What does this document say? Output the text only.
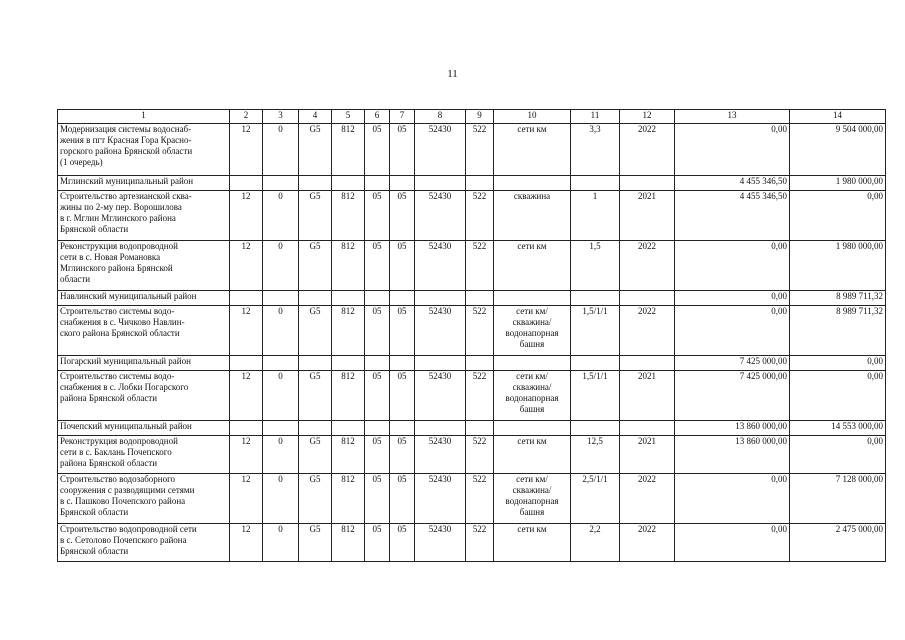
11
1	2	3	4	5	6	7	8	9	10	11	12	13	14
Модернизация системы водоснаб-
жения в пгт Красная Гора Красно-
горского района Брянской области
(1 очередь)	12	0	G5	812	05	05	52430	522	сети км	3,3	2022	0,00	9 504 000,00
Мглинский муниципальный район												4 455 346,50	1 980 000,00
Строительство артезианской сква-
жины по 2-му пер. Ворошилова
в г. Мглин Мглинского района
Брянской области	12	0	G5	812	05	05	52430	522	скважина	1	2021	4 455 346,50	0,00
Реконструкция водопроводной
сети в с. Новая Романовка
Мглинского района Брянской
области	12	0	G5	812	05	05	52430	522	сети км	1,5	2022	0,00	1 980 000,00
Навлинский муниципальный район												0,00	8 989 711,32
Строительство системы водо-
снабжения в с. Чичково Навлин-
ского района Брянской области	12	0	G5	812	05	05	52430	522	сети км/
скважина/
водонапорная
башня	1,5/1/1	2022	0,00	8 989 711,32
Погарский муниципальный район												7 425 000,00	0,00
Строительство системы водо-
снабжения в с. Лобки Погарского
района Брянской области	12	0	G5	812	05	05	52430	522	сети км/
скважина/
водонапорная
башня	1,5/1/1	2021	7 425 000,00	0,00
Почепский муниципальный район												13 860 000,00	14 553 000,00
Реконструкция водопроводной
сети в с. Баклань Почепского
района Брянской области	12	0	G5	812	05	05	52430	522	сети км	12,5	2021	13 860 000,00	0,00
Строительство водозаборного
сооружения с разводящими сетями
в с. Пашково Почепского района
Брянской области	12	0	G5	812	05	05	52430	522	сети км/
скважина/
водонапорная
башня	2,5/1/1	2022	0,00	7 128 000,00
Строительство водопроводной сети
в с. Сетолово Почепского района
Брянской области	12	0	G5	812	05	05	52430	522	сети км	2,2	2022	0,00	2 475 000,00
